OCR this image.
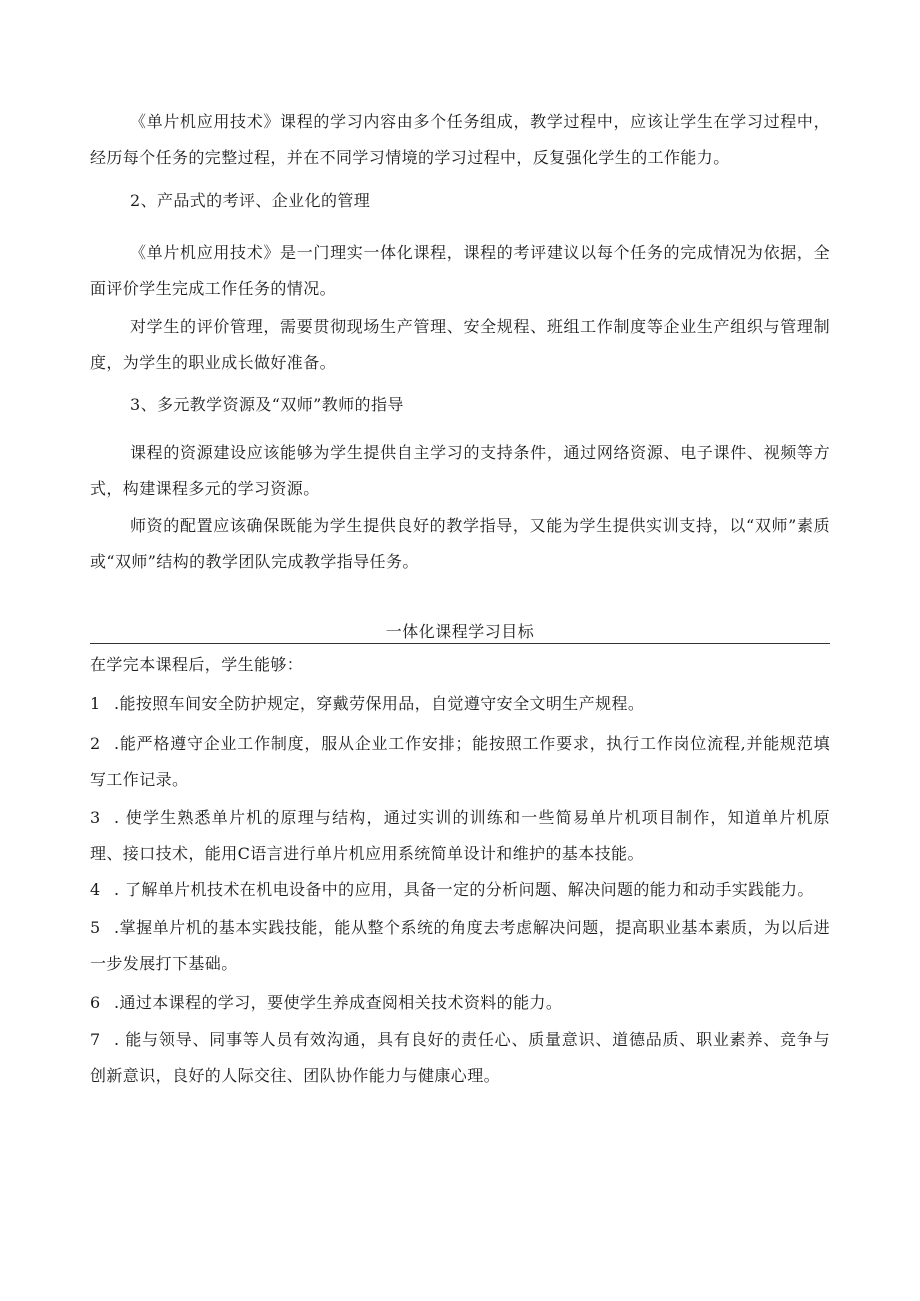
《单片机应用技术》课程的学习内容由多个任务组成，教学过程中，应该让学生在学习过程中，经历每个任务的完整过程，并在不同学习情境的学习过程中，反复强化学生的工作能力。

2、产品式的考评、企业化的管理

《单片机应用技术》是一门理实一体化课程，课程的考评建议以每个任务的完成情况为依据，全面评价学生完成工作任务的情况。

对学生的评价管理，需要贯彻现场生产管理、安全规程、班组工作制度等企业生产组织与管理制度，为学生的职业成长做好准备。

3、多元教学资源及“双师”教师的指导

课程的资源建设应该能够为学生提供自主学习的支持条件，通过网络资源、电子课件、视频等方式，构建课程多元的学习资源。

师资的配置应该确保既能为学生提供良好的教学指导，又能为学生提供实训支持，以“双师”素质或“双师”结构的教学团队完成教学指导任务。

一体化课程学习目标

在学完本课程后，学生能够：

1 .能按照车间安全防护规定，穿戴劳保用品，自觉遵守安全文明生产规程。

2 .能严格遵守企业工作制度，服从企业工作安排；能按照工作要求，执行工作岗位流程,并能规范填写工作记录。

3 . 使学生熟悉单片机的原理与结构，通过实训的训练和一些简易单片机项目制作，知道单片机原理、接口技术，能用C语言进行单片机应用系统简单设计和维护的基本技能。

4 . 了解单片机技术在机电设备中的应用，具备一定的分析问题、解决问题的能力和动手实践能力。

5 .掌握单片机的基本实践技能，能从整个系统的角度去考虑解决问题，提高职业基本素质，为以后进一步发展打下基础。

6 .通过本课程的学习，要使学生养成查阅相关技术资料的能力。

7 . 能与领导、同事等人员有效沟通，具有良好的责任心、质量意识、道德品质、职业素养、竞争与创新意识，良好的人际交往、团队协作能力与健康心理。
